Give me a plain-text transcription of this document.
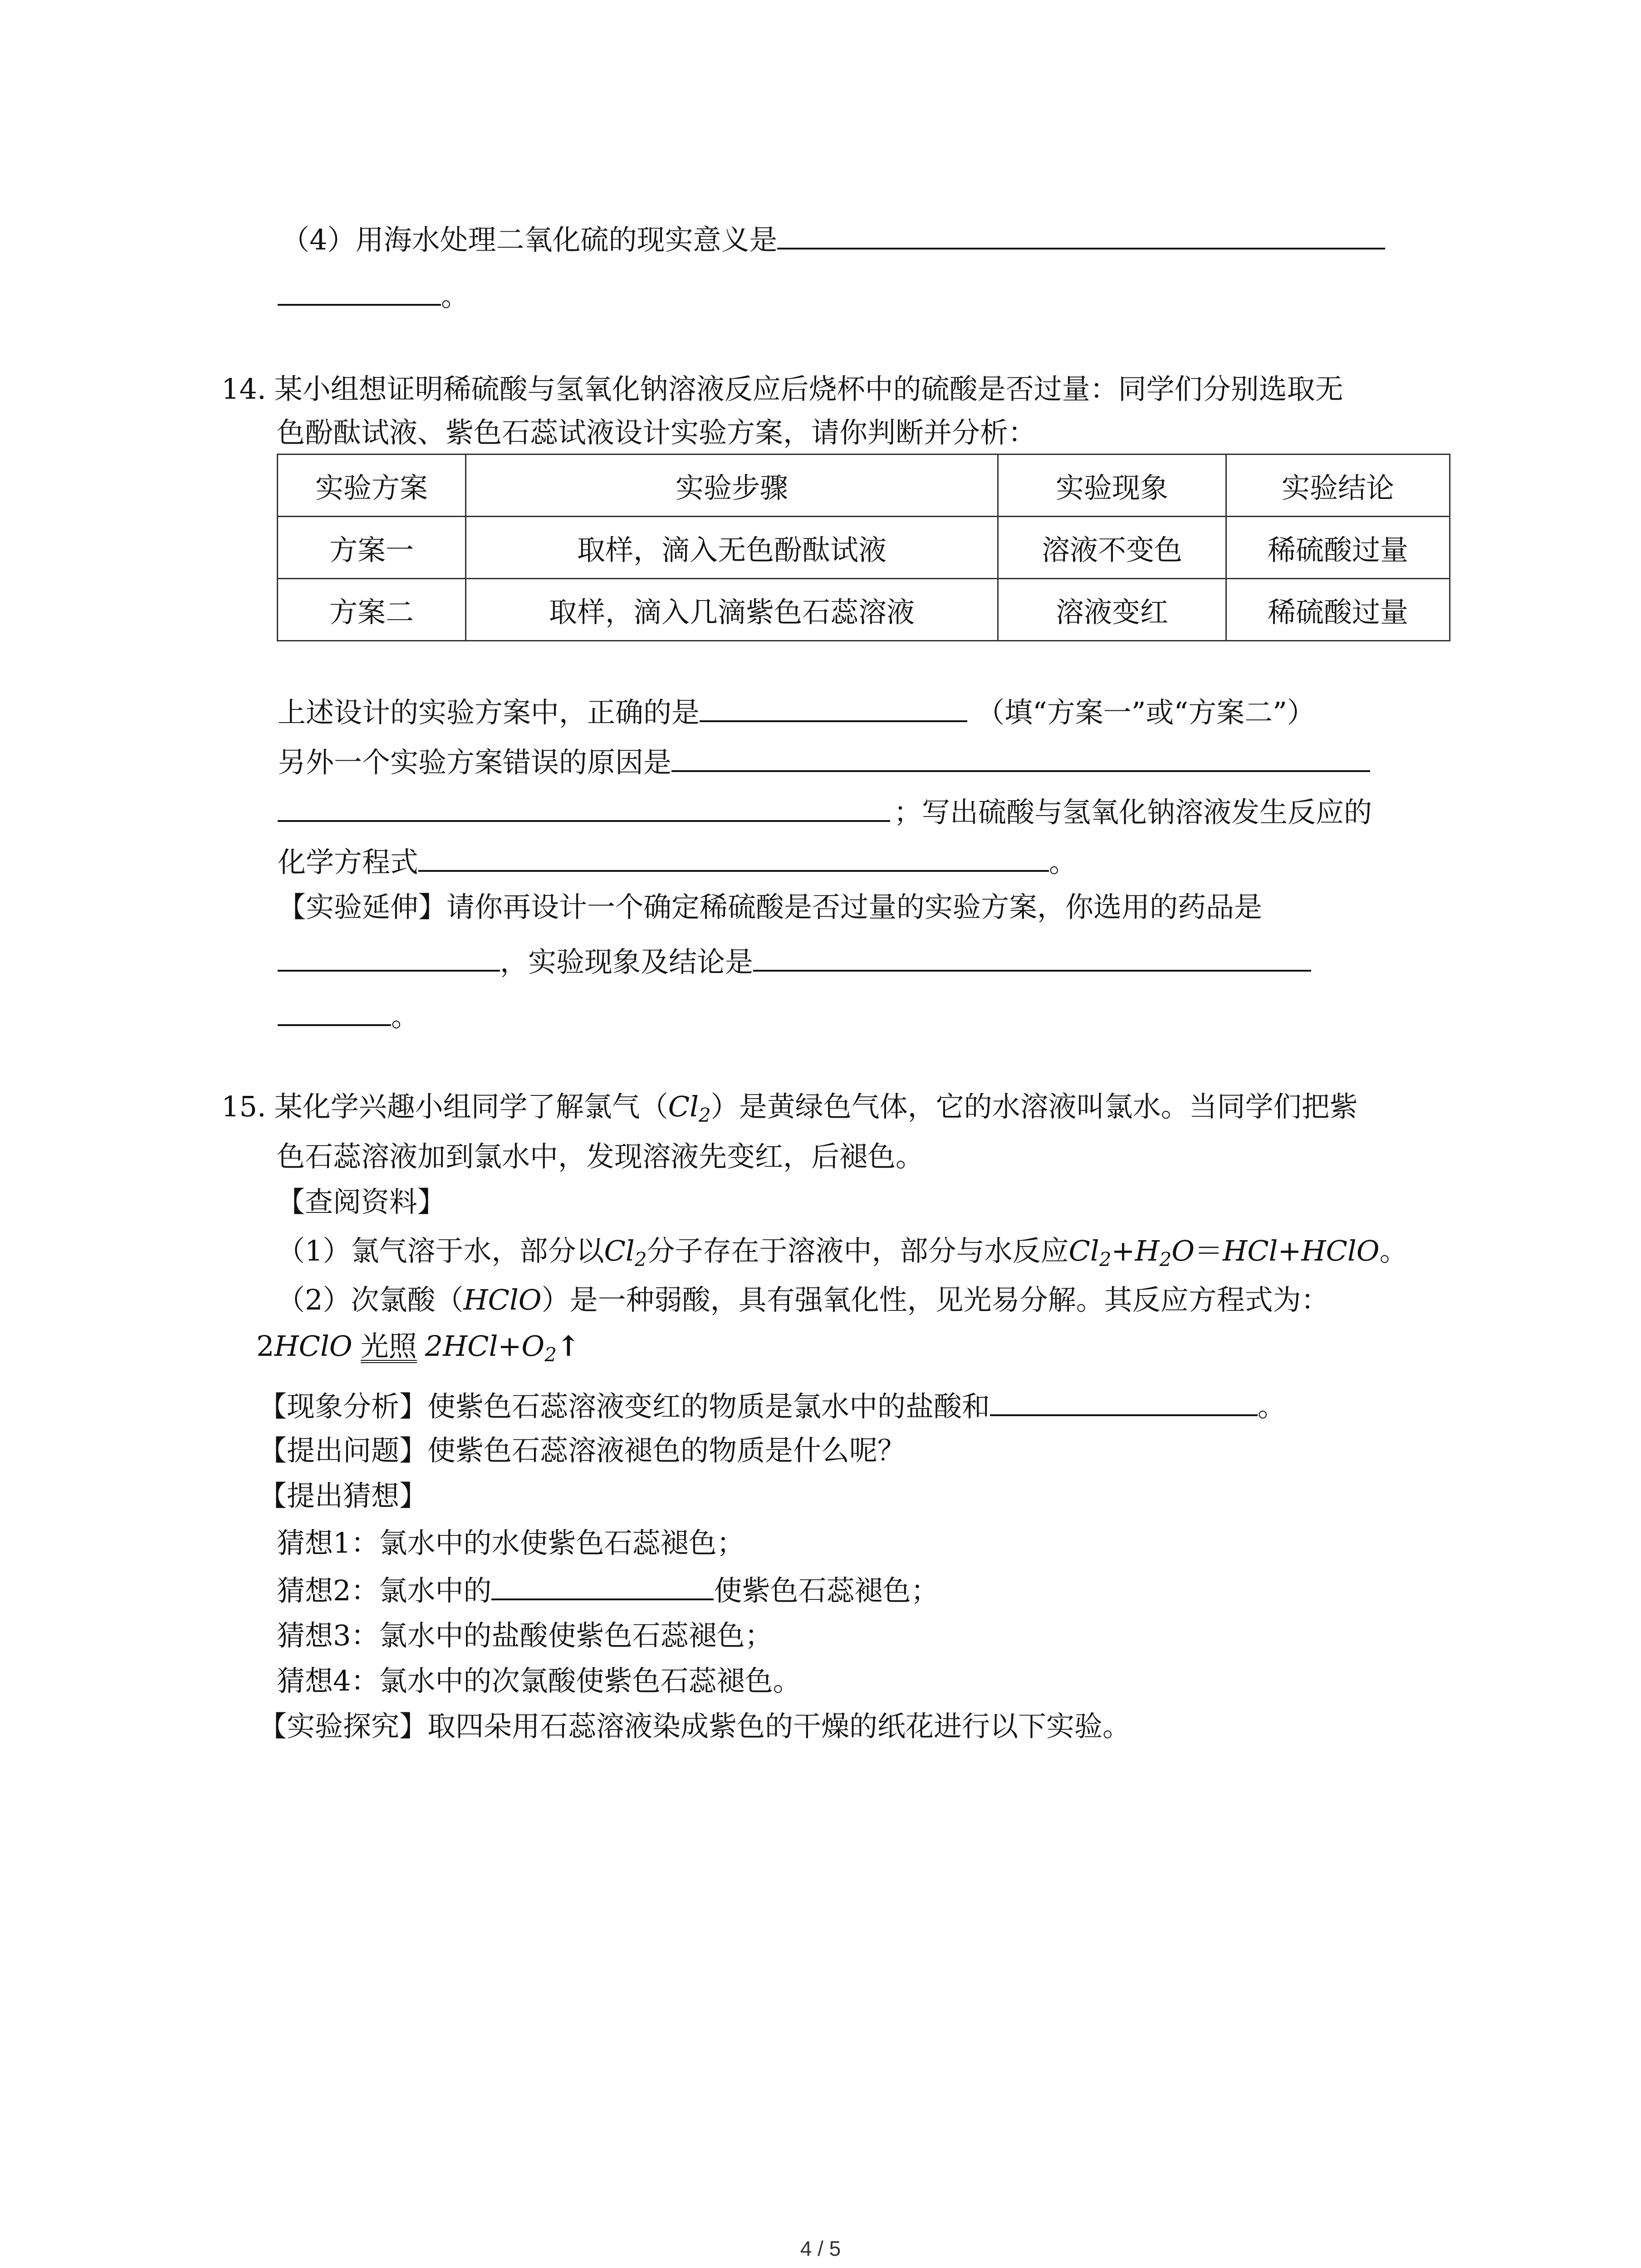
（4）用海水处理二氧化硫的现实意义是
。
14. 某小组想证明稀硫酸与氢氧化钠溶液反应后烧杯中的硫酸是否过量：同学们分别选取无
色酚酞试液、紫色石蕊试液设计实验方案，请你判断并分析：
实验方案	实验步骤	实验现象	实验结论
方案一	取样，滴入无色酚酞试液	溶液不变色	稀硫酸过量
方案二	取样，滴入几滴紫色石蕊溶液	溶液变红	稀硫酸过量
上述设计的实验方案中，正确的是	（填“方案一”或“方案二”）
另外一个实验方案错误的原因是
；写出硫酸与氢氧化钠溶液发生反应的
化学方程式	。
【实验延伸】请你再设计一个确定稀硫酸是否过量的实验方案，你选用的药品是
，实验现象及结论是
。
15. 某化学兴趣小组同学了解氯气$(Cl_2)$是黄绿色气体，它的水溶液叫氯水。当同学们把紫
色石蕊溶液加到氯水中，发现溶液先变红，后褪色。
【查阅资料】
（1）氯气溶于水，部分以$Cl_2$分子存在于溶液中，部分与水反应$Cl_2+H_2O=HCl+HClO$。
（2）次氯酸（HClO）是一种弱酸，具有强氧化性，见光易分解。其反应方程式为：
2HClO 光照 $2HCl+O_2↑$
【现象分析】使紫色石蕊溶液变红的物质是氯水中的盐酸和	。
【提出问题】使紫色石蕊溶液褪色的物质是什么呢？
【提出猜想】
猜想1：氯水中的水使紫色石蕊褪色；
猜想2：氯水中的	使紫色石蕊褪色；
猜想3：氯水中的盐酸使紫色石蕊褪色；
猜想4：氯水中的次氯酸使紫色石蕊褪色。
【实验探究】取四朵用石蕊溶液染成紫色的干燥的纸花进行以下实验。
4 / 5
